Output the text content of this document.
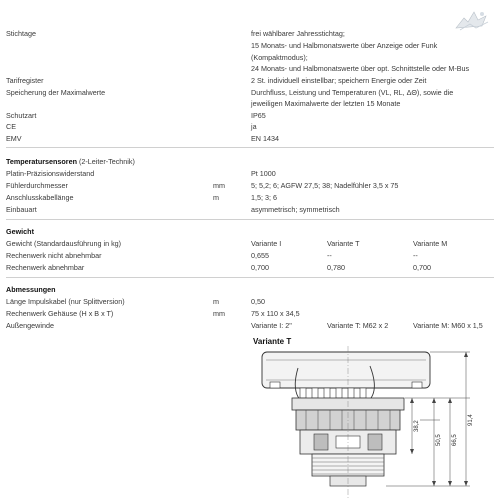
Stichtage	frei wählbarer Jahresstichtag;
15 Monats- und Halbmonatswerte über Anzeige oder Funk
(Kompaktmodus);
24 Monats- und Halbmonatswerte über opt. Schnittstelle oder M-Bus
Tarifregister	2 St. individuell einstellbar; speichern Energie oder Zeit
Speicherung der Maximalwerte	Durchfluss, Leistung und Temperaturen (VL, RL, ΔΘ), sowie die
jeweiligen Maximalwerte der letzten 15 Monate
Schutzart	IP65
CE	ja
EMV	EN 1434
Temperatursensoren (2-Leiter-Technik)
Platin-Präzisionswiderstand	Pt 1000
Fühlerdurchmesser	mm	5; 5,2; 6; AGFW 27,5; 38; Nadelfühler 3,5 x 75
Anschlusskabellänge	m	1,5; 3; 6
Einbauart	asymmetrisch; symmetrisch
Gewicht
Gewicht (Standardausführung in kg)	Variante I	Variante T	Variante M
Rechenwerk nicht abnehmbar	0,655	--	--
Rechenwerk abnehmbar	0,700	0,780	0,700
Abmessungen
Länge Impulskabel (nur Splittversion)	m	0,50
Rechenwerk Gehäuse (H x B x T)	mm	75 x 110 x 34,5
Außengewinde	Variante I: 2"	Variante T: M62 x 2	Variante M: M60 x 1,5
Variante T
91,4
66,5
50,5
38,2
